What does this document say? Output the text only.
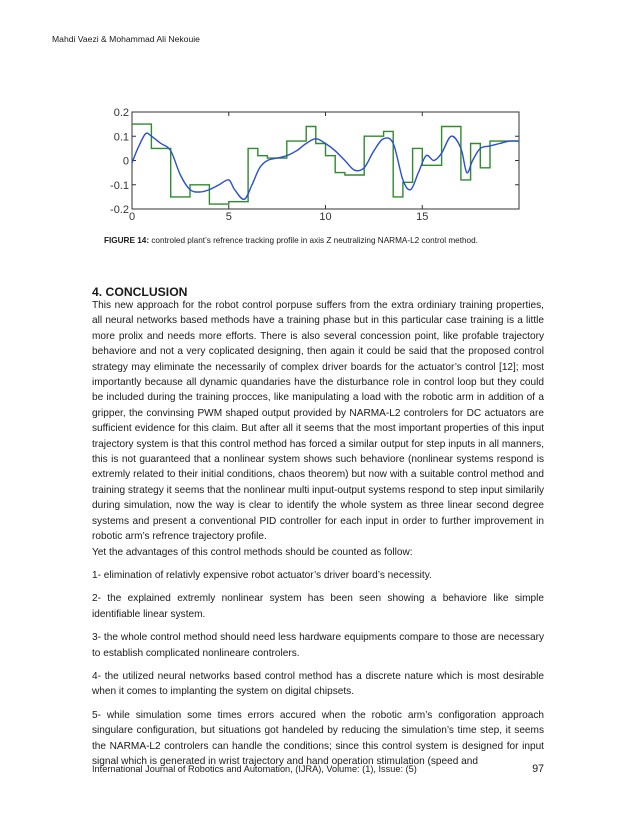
Mahdi Vaezi & Mohammad Ali Nekouie
0.2
0.1
0
-0.1
-0.2
0	5	10	15
FIGURE 14: controled plant’s refrence tracking profile in axis Z neutralizing NARMA-L2 control method.
4. CONCLUSION

This new approach for the robot control porpuse suffers from the extra ordiniary training properties, all neural networks based methods have a training phase but in this particular case training is a little more prolix and needs more efforts. There is also several concession point, like profable trajectory behaviore and not a very coplicated designing, then again it could be said that the proposed control strategy may eliminate the necessarily of complex driver boards for the actuator’s control [12]; most importantly because all dynamic quandaries have the disturbance role in control loop but they could be included during the training procces, like manipulating a load with the robotic arm in addition of a gripper, the convinsing PWM shaped output provided by NARMA-L2 controlers for DC actuators are sufficient evidence for this claim. But after all it seems that the most important properties of this input trajectory system is that this control method has forced a similar output for step inputs in all manners, this is not guaranteed that a nonlinear system shows such behaviore (nonlinear systems respond is extremly related to their initial conditions, chaos theorem) but now with a suitable control method and training strategy it seems that the nonlinear multi input-output systems respond to step input similarily during simulation, now the way is clear to identify the whole system as three linear second degree systems and present a conventional PID controller for each input in order to further improvement in robotic arm’s refrence trajectory profile.

Yet the advantages of this control methods should be counted as follow:

1- elimination of relativly expensive robot actuator’s driver board’s necessity.

2- the explained extremly nonlinear system has been seen showing a behaviore like simple identifiable linear system.

3- the whole control method should need less hardware equipments compare to those are necessary to establish complicated nonlineare controlers.

4- the utilized neural networks based control method has a discrete nature which is most desirable when it comes to implanting the system on digital chipsets.

5- while simulation some times errors accured when the robotic arm’s configoration approach singulare configuration, but situations got handeled by reducing the simulation’s time step, it seems the NARMA-L2 controlers can handle the conditions; since this control system is designed for input signal which is generated in wrist trajectory and hand operation stimulation (speed and

International Journal of Robotics and Automation, (IJRA), Volume: (1), Issue: (5)	97
